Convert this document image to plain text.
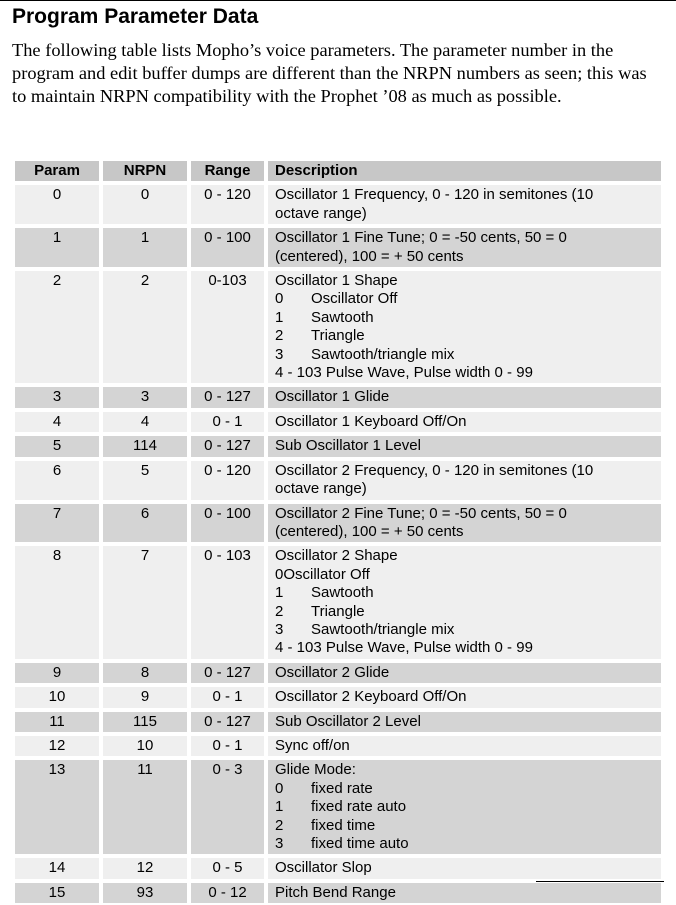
Program Parameter Data

The following table lists Mopho’s voice parameters. The parameter number in the program and edit buffer dumps are different than the NRPN numbers as seen; this was to maintain NRPN compatibility with the Prophet ’08 as much as possible.

Param	NRPN	Range	Description
0	0	0 - 120	Oscillator 1 Frequency, 0 - 120 in semitones (10
octave range)
1	1	0 - 100	Oscillator 1 Fine Tune; 0 = -50 cents, 50 = 0
(centered), 100 = + 50 cents
2	2	0-103	Oscillator 1 Shape
0 Oscillator Off
1 Sawtooth
2 Triangle
3 Sawtooth/triangle mix
4 - 103 Pulse Wave, Pulse width 0 - 99
3	3	0 - 127	Oscillator 1 Glide
4	4	0 - 1	Oscillator 1 Keyboard Off/On
5	114	0 - 127	Sub Oscillator 1 Level
6	5	0 - 120	Oscillator 2 Frequency, 0 - 120 in semitones (10
octave range)
7	6	0 - 100	Oscillator 2 Fine Tune; 0 = -50 cents, 50 = 0
(centered), 100 = + 50 cents
8	7	0 - 103	Oscillator 2 Shape
0Oscillator Off
1 Sawtooth
2 Triangle
3 Sawtooth/triangle mix
4 - 103 Pulse Wave, Pulse width 0 - 99
9	8	0 - 127	Oscillator 2 Glide
10	9	0 - 1	Oscillator 2 Keyboard Off/On
11	115	0 - 127	Sub Oscillator 2 Level
12	10	0 - 1	Sync off/on
13	11	0 - 3	Glide Mode:
0 fixed rate
1 fixed rate auto
2 fixed time
3 fixed time auto
14	12	0 - 5	Oscillator Slop
15	93	0 - 12	Pitch Bend Range
